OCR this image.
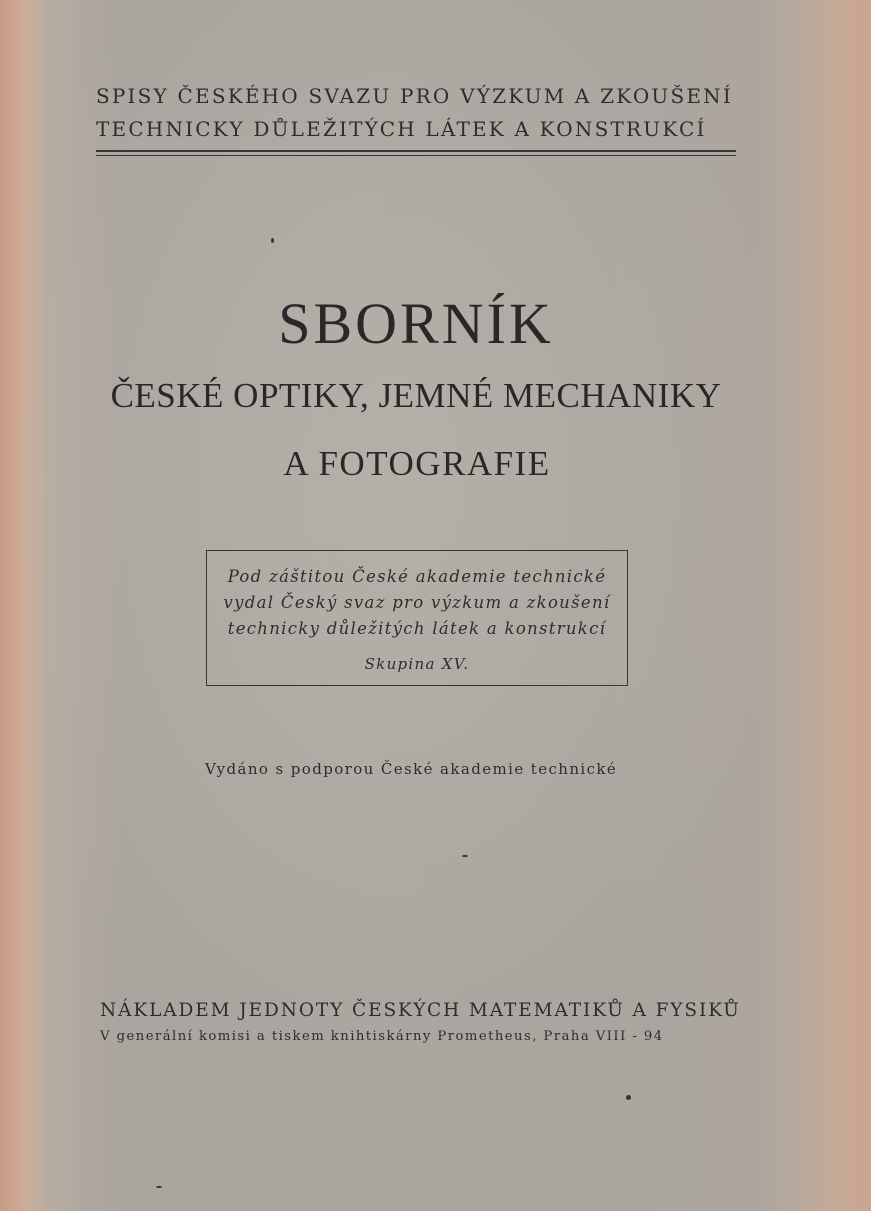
SPISY ČESKÉHO SVAZU PRO VÝZKUM A ZKOUŠENÍ
TECHNICKY DŮLEŽITÝCH LÁTEK A KONSTRUKCÍ
SBORNÍK
ČESKÉ OPTIKY, JEMNÉ MECHANIKY
A FOTOGRAFIE
Pod záštitou České akademie technické
vydal Český svaz pro výzkum a zkoušení
technicky důležitých látek a konstrukcí
Skupina XV.
Vydáno s podporou České akademie technické
NÁKLADEM JEDNOTY ČESKÝCH MATEMATIKŮ A FYSIKŮ
V generální komisi a tiskem knihtiskárny Prometheus, Praha VIII - 94
